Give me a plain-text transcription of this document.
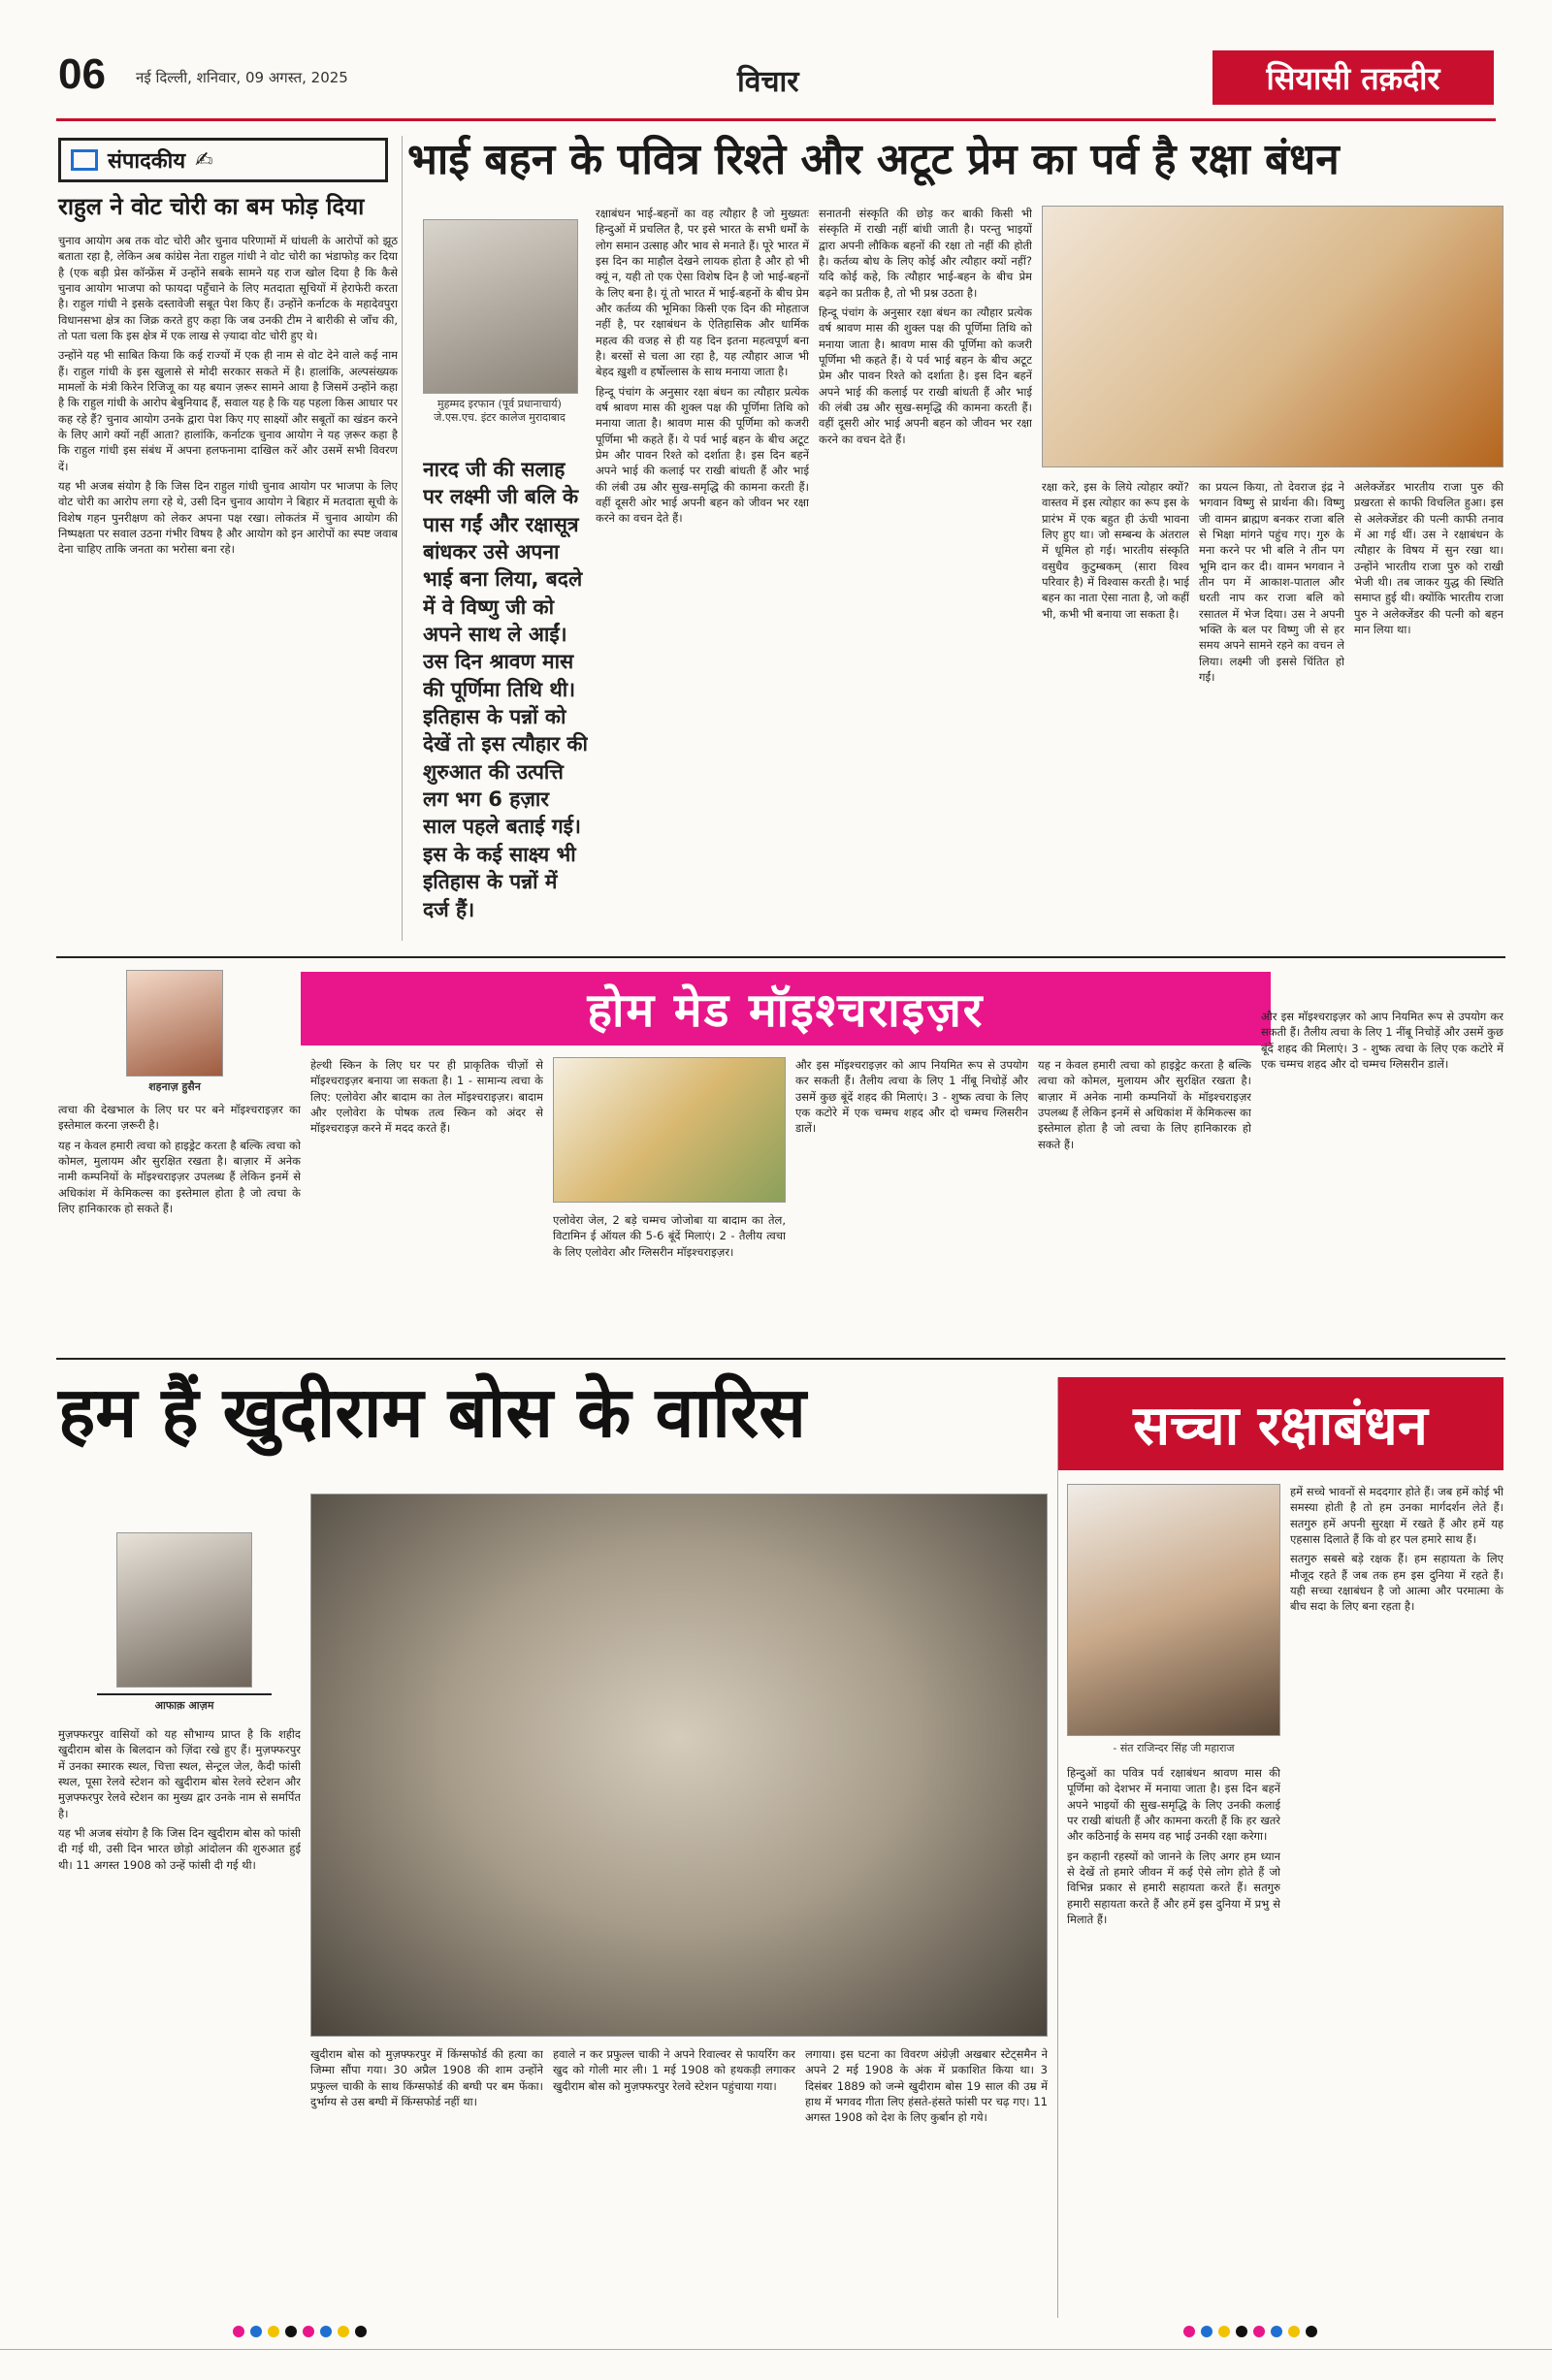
06 नई दिल्ली, शनिवार, 09 अगस्त, 2025	विचार	सियासी तक़दीर
संपादकीय ✍
राहुल ने वोट चोरी का बम फोड़ दिया

चुनाव आयोग अब तक वोट चोरी और चुनाव परिणामों में धांधली के आरोपों को झूठ बताता रहा है, लेकिन अब कांग्रेस नेता राहुल गांधी ने वोट चोरी का भंडाफोड़ कर दिया है (एक बड़ी प्रेस कॉन्फ्रेंस में उन्होंने सबके सामने यह राज खोल दिया है कि कैसे चुनाव आयोग भाजपा को फायदा पहुँचाने के लिए मतदाता सूचियों में हेराफेरी करता है। राहुल गांधी ने इसके दस्तावेजी सबूत पेश किए हैं। उन्होंने कर्नाटक के महादेवपुरा विधानसभा क्षेत्र का जिक्र करते हुए कहा कि जब उनकी टीम ने बारीकी से जाँच की, तो पता चला कि इस क्षेत्र में एक लाख से ज़्यादा वोट चोरी हुए थे।

उन्होंने यह भी साबित किया कि कई राज्यों में एक ही नाम से वोट देने वाले कई नाम हैं। राहुल गांधी के इस खुलासे से मोदी सरकार सकते में है। हालांकि, अल्पसंख्यक मामलों के मंत्री किरेन रिजिजू का यह बयान ज़रूर सामने आया है जिसमें उन्होंने कहा है कि राहुल गांधी के आरोप बेबुनियाद हैं, सवाल यह है कि यह पहला किस आधार पर कह रहे हैं? चुनाव आयोग उनके द्वारा पेश किए गए साक्ष्यों और सबूतों का खंडन करने के लिए आगे क्यों नहीं आता? हालांकि, कर्नाटक चुनाव आयोग ने यह ज़रूर कहा है कि राहुल गांधी इस संबंध में अपना हलफनामा दाखिल करें और उसमें सभी विवरण दें।

यह भी अजब संयोग है कि जिस दिन राहुल गांधी चुनाव आयोग पर भाजपा के लिए वोट चोरी का आरोप लगा रहे थे, उसी दिन चुनाव आयोग ने बिहार में मतदाता सूची के विशेष गहन पुनरीक्षण को लेकर अपना पक्ष रखा। लोकतंत्र में चुनाव आयोग की निष्पक्षता पर सवाल उठना गंभीर विषय है और आयोग को इन आरोपों का स्पष्ट जवाब देना चाहिए ताकि जनता का भरोसा बना रहे।

भाई बहन के पवित्र रिश्ते और अटूट प्रेम का पर्व है रक्षा बंधन
मुहम्मद इरफान (पूर्व प्रधानाचार्य) जे.एस.एच. इंटर कालेज मुरादाबाद
नारद जी की सलाह पर लक्ष्मी जी बलि के पास गईं और रक्षासूत्र बांधकर उसे अपना भाई बना लिया, बदले में वे विष्णु जी को अपने साथ ले आईं। उस दिन श्रावण मास की पूर्णिमा तिथि थी। इतिहास के पन्नों को देखें तो इस त्यौहार की शुरुआत की उत्पत्ति लग भग 6 हज़ार साल पहले बताई गई। इस के कई साक्ष्य भी इतिहास के पन्नों में दर्ज हैं।

रक्षाबंधन भाई-बहनों का वह त्यौहार है जो मुख्यतः हिन्दुओं में प्रचलित है, पर इसे भारत के सभी धर्मों के लोग समान उत्साह और भाव से मनाते हैं। पूरे भारत में इस दिन का माहौल देखने लायक होता है और हो भी क्यूं न, यही तो एक ऐसा विशेष दिन है जो भाई-बहनों के लिए बना है। यूं तो भारत में भाई-बहनों के बीच प्रेम और कर्तव्य की भूमिका किसी एक दिन की मोहताज नहीं है, पर रक्षाबंधन के ऐतिहासिक और धार्मिक महत्व की वजह से ही यह दिन इतना महत्वपूर्ण बना है। बरसों से चला आ रहा है, यह त्यौहार आज भी बेहद ख़ुशी व हर्षोल्लास के साथ मनाया जाता है।

हिन्दू पंचांग के अनुसार रक्षा बंधन का त्यौहार प्रत्येक वर्ष श्रावण मास की शुक्ल पक्ष की पूर्णिमा तिथि को मनाया जाता है। श्रावण मास की पूर्णिमा को कजरी पूर्णिमा भी कहते हैं। ये पर्व भाई बहन के बीच अटूट प्रेम और पावन रिश्ते को दर्शाता है। इस दिन बहनें अपने भाई की कलाई पर राखी बांधती हैं और भाई की लंबी उम्र और सुख-समृद्धि की कामना करती हैं। वहीं दूसरी ओर भाई अपनी बहन को जीवन भर रक्षा करने का वचन देते हैं।

सनातनी संस्कृति की छोड़ कर बाकी किसी भी संस्कृति में राखी नहीं बांधी जाती है। परन्तु भाइयों द्वारा अपनी लौकिक बहनों की रक्षा तो नहीं की होती है। कर्तव्य बोध के लिए कोई और त्यौहार क्यों नहीं? यदि कोई कहे, कि त्यौहार भाई-बहन के बीच प्रेम बढ़ने का प्रतीक है, तो भी प्रश्न उठता है।

हिन्दू पंचांग के अनुसार रक्षा बंधन का त्यौहार प्रत्येक वर्ष श्रावण मास की शुक्ल पक्ष की पूर्णिमा तिथि को मनाया जाता है। श्रावण मास की पूर्णिमा को कजरी पूर्णिमा भी कहते हैं। ये पर्व भाई बहन के बीच अटूट प्रेम और पावन रिश्ते को दर्शाता है। इस दिन बहनें अपने भाई की कलाई पर राखी बांधती हैं और भाई की लंबी उम्र और सुख-समृद्धि की कामना करती हैं। वहीं दूसरी ओर भाई अपनी बहन को जीवन भर रक्षा करने का वचन देते हैं।

रक्षा करे, इस के लिये त्योहार क्यों? वास्तव में इस त्योहार का रूप इस के प्रारंभ में एक बहुत ही ऊंची भावना लिए हुए था। जो सम्बन्ध के अंतराल में धूमिल हो गई। भारतीय संस्कृति वसुधैव कुटुम्बकम् (सारा विश्व परिवार है) में विश्वास करती है। भाई बहन का नाता ऐसा नाता है, जो कहीं भी, कभी भी बनाया जा सकता है।

का प्रयत्न किया, तो देवराज इंद्र ने भगवान विष्णु से प्रार्थना की। विष्णु जी वामन ब्राह्मण बनकर राजा बलि से भिक्षा मांगने पहुंच गए। गुरु के मना करने पर भी बलि ने तीन पग भूमि दान कर दी। वामन भगवान ने तीन पग में आकाश-पाताल और धरती नाप कर राजा बलि को रसातल में भेज दिया। उस ने अपनी भक्ति के बल पर विष्णु जी से हर समय अपने सामने रहने का वचन ले लिया। लक्ष्मी जी इससे चिंतित हो गईं।

अलेक्जेंडर भारतीय राजा पुरु की प्रखरता से काफी विचलित हुआ। इस से अलेक्जेंडर की पत्नी काफी तनाव में आ गई थीं। उस ने रक्षाबंधन के त्यौहार के विषय में सुन रखा था। उन्होंने भारतीय राजा पुरु को राखी भेजी थी। तब जाकर युद्ध की स्थिति समाप्त हुई थी। क्योंकि भारतीय राजा पुरु ने अलेक्जेंडर की पत्नी को बहन मान लिया था।

होम मेड मॉइश्चराइज़र
शहनाज़ हुसैन

त्वचा की देखभाल के लिए घर पर बने मॉइश्चराइज़र का इस्तेमाल करना ज़रूरी है।

यह न केवल हमारी त्वचा को हाइड्रेट करता है बल्कि त्वचा को कोमल, मुलायम और सुरक्षित रखता है। बाज़ार में अनेक नामी कम्पनियों के मॉइश्चराइज़र उपलब्ध हैं लेकिन इनमें से अधिकांश में केमिकल्स का इस्तेमाल होता है जो त्वचा के लिए हानिकारक हो सकते हैं।

हेल्थी स्किन के लिए घर पर ही प्राकृतिक चीज़ों से मॉइश्चराइज़र बनाया जा सकता है। 1 - सामान्य त्वचा के लिए: एलोवेरा और बादाम का तेल मॉइश्चराइज़र। बादाम और एलोवेरा के पोषक तत्व स्किन को अंदर से मॉइश्चराइज़ करने में मदद करते हैं।

एलोवेरा जेल, 2 बड़े चम्मच जोजोबा या बादाम का तेल, विटामिन ई ऑयल की 5-6 बूंदें मिलाएं। 2 - तैलीय त्वचा के लिए एलोवेरा और ग्लिसरीन मॉइश्चराइज़र।

और इस मॉइश्चराइज़र को आप नियमित रूप से उपयोग कर सकती हैं। तैलीय त्वचा के लिए 1 नींबू निचोड़ें और उसमें कुछ बूंदें शहद की मिलाएं। 3 - शुष्क त्वचा के लिए एक कटोरे में एक चम्मच शहद और दो चम्मच ग्लिसरीन डालें।

यह न केवल हमारी त्वचा को हाइड्रेट करता है बल्कि त्वचा को कोमल, मुलायम और सुरक्षित रखता है। बाज़ार में अनेक नामी कम्पनियों के मॉइश्चराइज़र उपलब्ध हैं लेकिन इनमें से अधिकांश में केमिकल्स का इस्तेमाल होता है जो त्वचा के लिए हानिकारक हो सकते हैं।

और इस मॉइश्चराइज़र को आप नियमित रूप से उपयोग कर सकती हैं। तैलीय त्वचा के लिए 1 नींबू निचोड़ें और उसमें कुछ बूंदें शहद की मिलाएं। 3 - शुष्क त्वचा के लिए एक कटोरे में एक चम्मच शहद और दो चम्मच ग्लिसरीन डालें।

हम हैं खुदीराम बोस के वारिस
आफाक़ आज़म

मुज़फ्फरपुर वासियों को यह सौभाग्य प्राप्त है कि शहीद खुदीराम बोस के बिलदान को ज़िंदा रखे हुए हैं। मुज़फ्फरपुर में उनका स्मारक स्थल, चित्ता स्थल, सेन्ट्रल जेल, कैदी फांसी स्थल, पूसा रेलवे स्टेशन को खुदीराम बोस रेलवे स्टेशन और मुज़फ्फरपुर रेलवे स्टेशन का मुख्य द्वार उनके नाम से समर्पित है।

यह भी अजब संयोग है कि जिस दिन खुदीराम बोस को फांसी दी गई थी, उसी दिन भारत छोड़ो आंदोलन की शुरुआत हुई थी। 11 अगस्त 1908 को उन्हें फांसी दी गई थी।

खुदीराम बोस को मुज़फ्फरपुर में किंग्सफोर्ड की हत्या का जिम्मा सौंपा गया। 30 अप्रैल 1908 की शाम उन्होंने प्रफुल्ल चाकी के साथ किंग्सफोर्ड की बग्घी पर बम फेंका। दुर्भाग्य से उस बग्घी में किंग्सफोर्ड नहीं था।

हवाले न कर प्रफुल्ल चाकी ने अपने रिवाल्वर से फायरिंग कर खुद को गोली मार ली। 1 मई 1908 को हथकड़ी लगाकर खुदीराम बोस को मुज़फ्फरपुर रेलवे स्टेशन पहुंचाया गया।

लगाया। इस घटना का विवरण अंग्रेज़ी अखबार स्टेट्समैन ने अपने 2 मई 1908 के अंक में प्रकाशित किया था। 3 दिसंबर 1889 को जन्मे खुदीराम बोस 19 साल की उम्र में हाथ में भगवद गीता लिए हंसते-हंसते फांसी पर चढ़ गए। 11 अगस्त 1908 को देश के लिए कुर्बान हो गये।

सच्चा रक्षाबंधन
- संत राजिन्दर सिंह जी महाराज

हमें सच्चे भावनों से मददगार होते हैं। जब हमें कोई भी समस्या होती है तो हम उनका मार्गदर्शन लेते हैं। सतगुरु हमें अपनी सुरक्षा में रखते हैं और हमें यह एहसास दिलाते हैं कि वो हर पल हमारे साथ हैं।

सतगुरु सबसे बड़े रक्षक हैं। हम सहायता के लिए मौजूद रहते हैं जब तक हम इस दुनिया में रहते हैं। यही सच्चा रक्षाबंधन है जो आत्मा और परमात्मा के बीच सदा के लिए बना रहता है।

हिन्दुओं का पवित्र पर्व रक्षाबंधन श्रावण मास की पूर्णिमा को देशभर में मनाया जाता है। इस दिन बहनें अपने भाइयों की सुख-समृद्धि के लिए उनकी कलाई पर राखी बांधती हैं और कामना करती हैं कि हर खतरे और कठिनाई के समय वह भाई उनकी रक्षा करेगा।

इन कहानी रहस्यों को जानने के लिए अगर हम ध्यान से देखें तो हमारे जीवन में कई ऐसे लोग होते हैं जो विभिन्न प्रकार से हमारी सहायता करते हैं। सतगुरु हमारी सहायता करते हैं और हमें इस दुनिया में प्रभु से मिलाते हैं।
